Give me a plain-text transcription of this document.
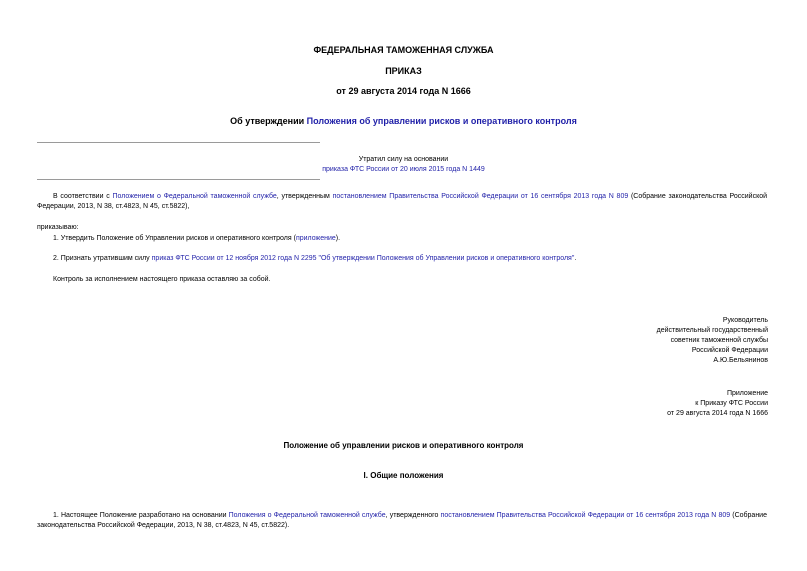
ФЕДЕРАЛЬНАЯ ТАМОЖЕННАЯ СЛУЖБА
ПРИКАЗ
от 29 августа 2014 года N 1666
Об утверждении Положения об управлении рисков и оперативного контроля
Утратил силу на основании
приказа ФТС России от 20 июля 2015 года N 1449
В соответствии с Положением о Федеральной таможенной службе, утвержденным постановлением Правительства Российской Федерации от 16 сентября 2013 года N 809 (Собрание законодательства Российской Федерации, 2013, N 38, ст.4823, N 45, ст.5822),
приказываю:
1. Утвердить Положение об Управлении рисков и оперативного контроля (приложение).
2. Признать утратившим силу приказ ФТС России от 12 ноября 2012 года N 2295 "Об утверждении Положения об Управлении рисков и оперативного контроля".
Контроль за исполнением настоящего приказа оставляю за собой.
Руководитель
действительный государственный
советник таможенной службы
Российской Федерации
А.Ю.Бельянинов
Приложение
к Приказу ФТС России
от 29 августа 2014 года N 1666
Положение об управлении рисков и оперативного контроля
I. Общие положения
1. Настоящее Положение разработано на основании Положения о Федеральной таможенной службе, утвержденного постановлением Правительства Российской Федерации от 16 сентября 2013 года N 809 (Собрание законодательства Российской Федерации, 2013, N 38, ст.4823, N 45, ст.5822).
